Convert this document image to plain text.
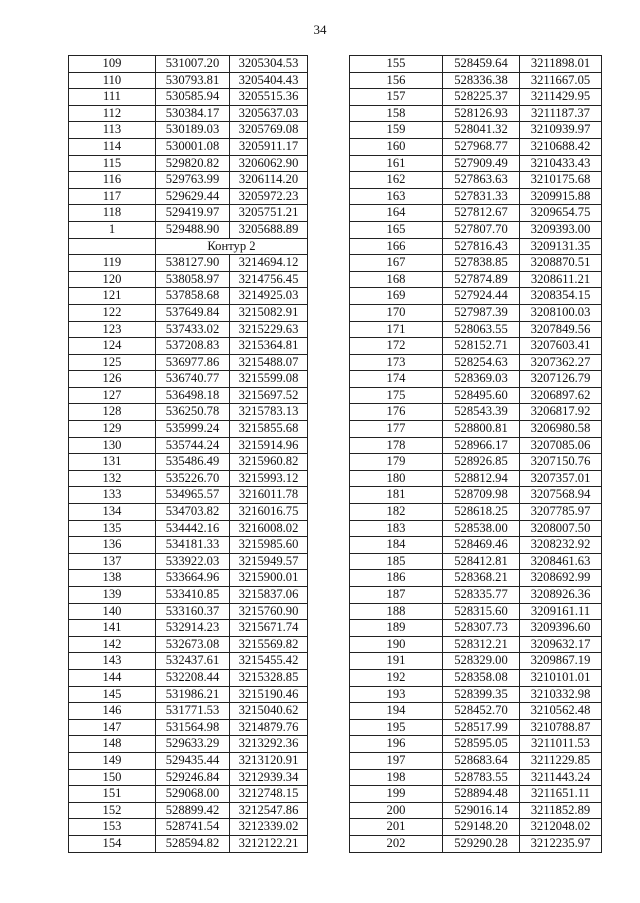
34
109	531007.20	3205304.53
110	530793.81	3205404.43
111	530585.94	3205515.36
112	530384.17	3205637.03
113	530189.03	3205769.08
114	530001.08	3205911.17
115	529820.82	3206062.90
116	529763.99	3206114.20
117	529629.44	3205972.23
118	529419.97	3205751.21
1	529488.90	3205688.89
	Контур 2	
119	538127.90	3214694.12
120	538058.97	3214756.45
121	537858.68	3214925.03
122	537649.84	3215082.91
123	537433.02	3215229.63
124	537208.83	3215364.81
125	536977.86	3215488.07
126	536740.77	3215599.08
127	536498.18	3215697.52
128	536250.78	3215783.13
129	535999.24	3215855.68
130	535744.24	3215914.96
131	535486.49	3215960.82
132	535226.70	3215993.12
133	534965.57	3216011.78
134	534703.82	3216016.75
135	534442.16	3216008.02
136	534181.33	3215985.60
137	533922.03	3215949.57
138	533664.96	3215900.01
139	533410.85	3215837.06
140	533160.37	3215760.90
141	532914.23	3215671.74
142	532673.08	3215569.82
143	532437.61	3215455.42
144	532208.44	3215328.85
145	531986.21	3215190.46
146	531771.53	3215040.62
147	531564.98	3214879.76
148	529633.29	3213292.36
149	529435.44	3213120.91
150	529246.84	3212939.34
151	529068.00	3212748.15
152	528899.42	3212547.86
153	528741.54	3212339.02
154	528594.82	3212122.21
155	528459.64	3211898.01
156	528336.38	3211667.05
157	528225.37	3211429.95
158	528126.93	3211187.37
159	528041.32	3210939.97
160	527968.77	3210688.42
161	527909.49	3210433.43
162	527863.63	3210175.68
163	527831.33	3209915.88
164	527812.67	3209654.75
165	527807.70	3209393.00
166	527816.43	3209131.35
167	527838.85	3208870.51
168	527874.89	3208611.21
169	527924.44	3208354.15
170	527987.39	3208100.03
171	528063.55	3207849.56
172	528152.71	3207603.41
173	528254.63	3207362.27
174	528369.03	3207126.79
175	528495.60	3206897.62
176	528543.39	3206817.92
177	528800.81	3206980.58
178	528966.17	3207085.06
179	528926.85	3207150.76
180	528812.94	3207357.01
181	528709.98	3207568.94
182	528618.25	3207785.97
183	528538.00	3208007.50
184	528469.46	3208232.92
185	528412.81	3208461.63
186	528368.21	3208692.99
187	528335.77	3208926.36
188	528315.60	3209161.11
189	528307.73	3209396.60
190	528312.21	3209632.17
191	528329.00	3209867.19
192	528358.08	3210101.01
193	528399.35	3210332.98
194	528452.70	3210562.48
195	528517.99	3210788.87
196	528595.05	3211011.53
197	528683.64	3211229.85
198	528783.55	3211443.24
199	528894.48	3211651.11
200	529016.14	3211852.89
201	529148.20	3212048.02
202	529290.28	3212235.97
